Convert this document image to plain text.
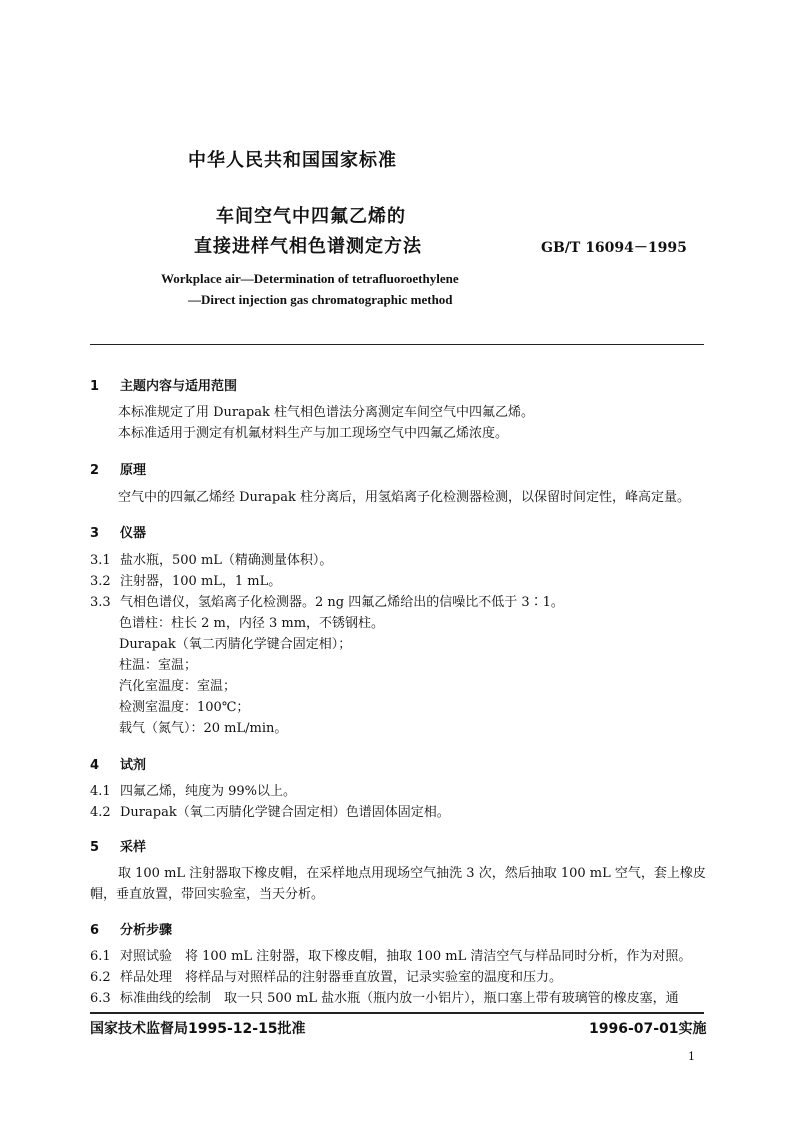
中华人民共和国国家标准
车间空气中四氟乙烯的
直接进样气相色谱测定方法	GB/T 16094－1995
Workplace air—Determination of tetrafluoroethylene
—Direct injection gas chromatographic method
1 主题内容与适用范围
本标准规定了用 Durapak 柱气相色谱法分离测定车间空气中四氟乙烯。
本标准适用于测定有机氟材料生产与加工现场空气中四氟乙烯浓度。
2 原理
空气中的四氟乙烯经 Durapak 柱分离后，用氢焰离子化检测器检测，以保留时间定性，峰高定量。
3 仪器
3.1 盐水瓶，500 mL（精确测量体积）。
3.2 注射器，100 mL，1 mL。
3.3 气相色谱仪，氢焰离子化检测器。2 ng 四氟乙烯给出的信噪比不低于 3∶1。
色谱柱：柱长 2 m，内径 3 mm，不锈钢柱。
Durapak（氧二丙腈化学键合固定相）；
柱温：室温；
汽化室温度：室温；
检测室温度：100℃；
载气（氮气）：20 mL/min。
4 试剂
4.1 四氟乙烯，纯度为 99%以上。
4.2 Durapak（氧二丙腈化学键合固定相）色谱固体固定相。
5 采样
取 100 mL 注射器取下橡皮帽，在采样地点用现场空气抽洗 3 次，然后抽取 100 mL 空气，套上橡皮
帽，垂直放置，带回实验室，当天分析。
6 分析步骤
6.1 对照试验　将 100 mL 注射器，取下橡皮帽，抽取 100 mL 清洁空气与样品同时分析，作为对照。
6.2 样品处理　将样品与对照样品的注射器垂直放置，记录实验室的温度和压力。
6.3 标准曲线的绘制　取一只 500 mL 盐水瓶（瓶内放一小铝片），瓶口塞上带有玻璃管的橡皮塞，通
国家技术监督局1995-12-15批准	1996-07-01实施
1
